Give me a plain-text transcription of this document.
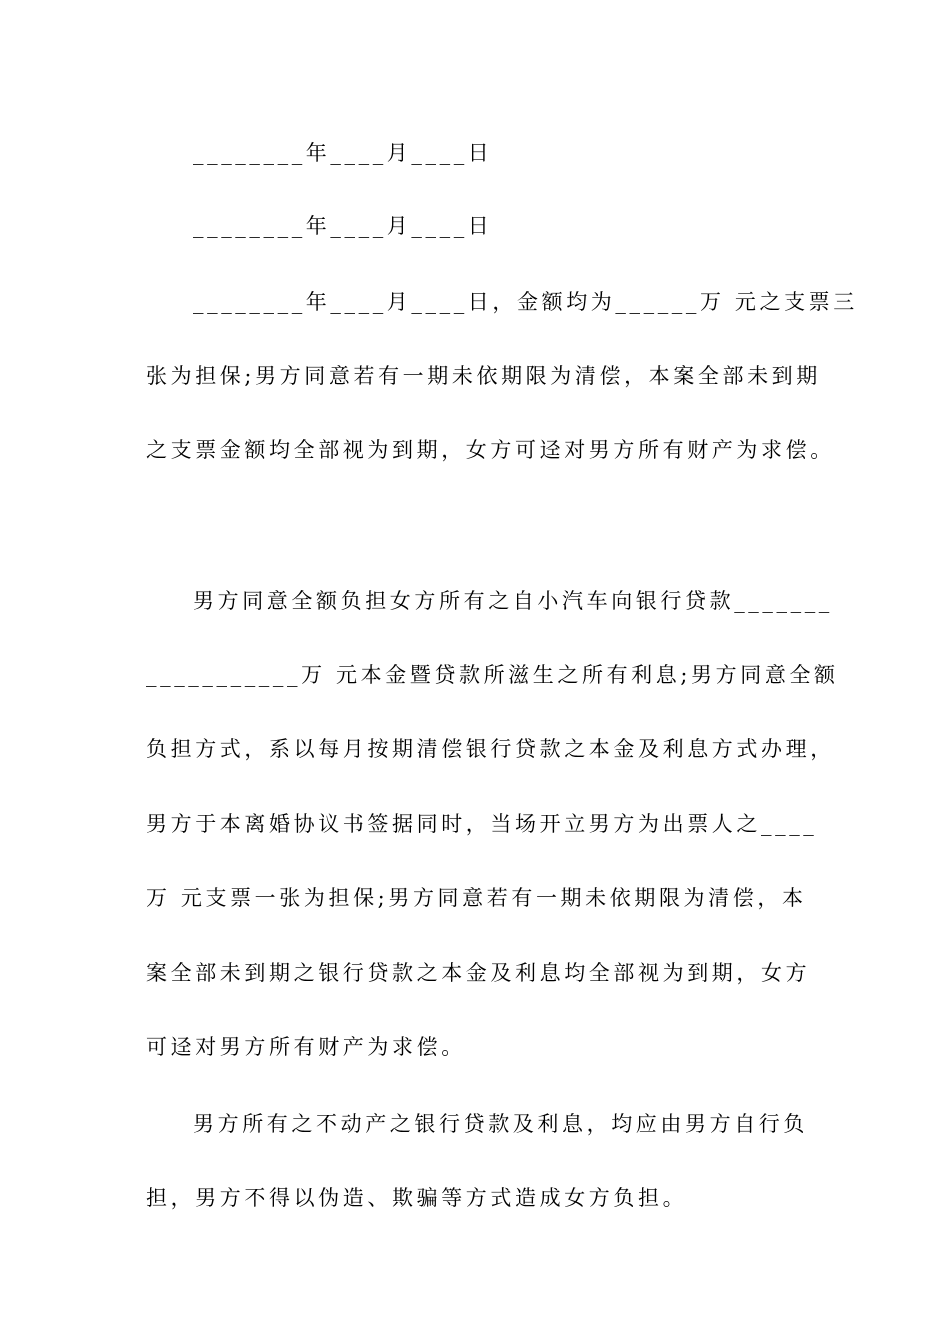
________年____月____日
________年____月____日
________年____月____日，金额均为______万 元之支票三
张为担保;男方同意若有一期未依期限为清偿，本案全部未到期
之支票金额均全部视为到期，女方可迳对男方所有财产为求偿。
男方同意全额负担女方所有之自小汽车向银行贷款_______
___________万 元本金暨贷款所滋生之所有利息;男方同意全额
负担方式，系以每月按期清偿银行贷款之本金及利息方式办理，
男方于本离婚协议书签据同时，当场开立男方为出票人之____
万 元支票一张为担保;男方同意若有一期未依期限为清偿，本
案全部未到期之银行贷款之本金及利息均全部视为到期，女方
可迳对男方所有财产为求偿。
男方所有之不动产之银行贷款及利息，均应由男方自行负
担，男方不得以伪造、欺骗等方式造成女方负担。
